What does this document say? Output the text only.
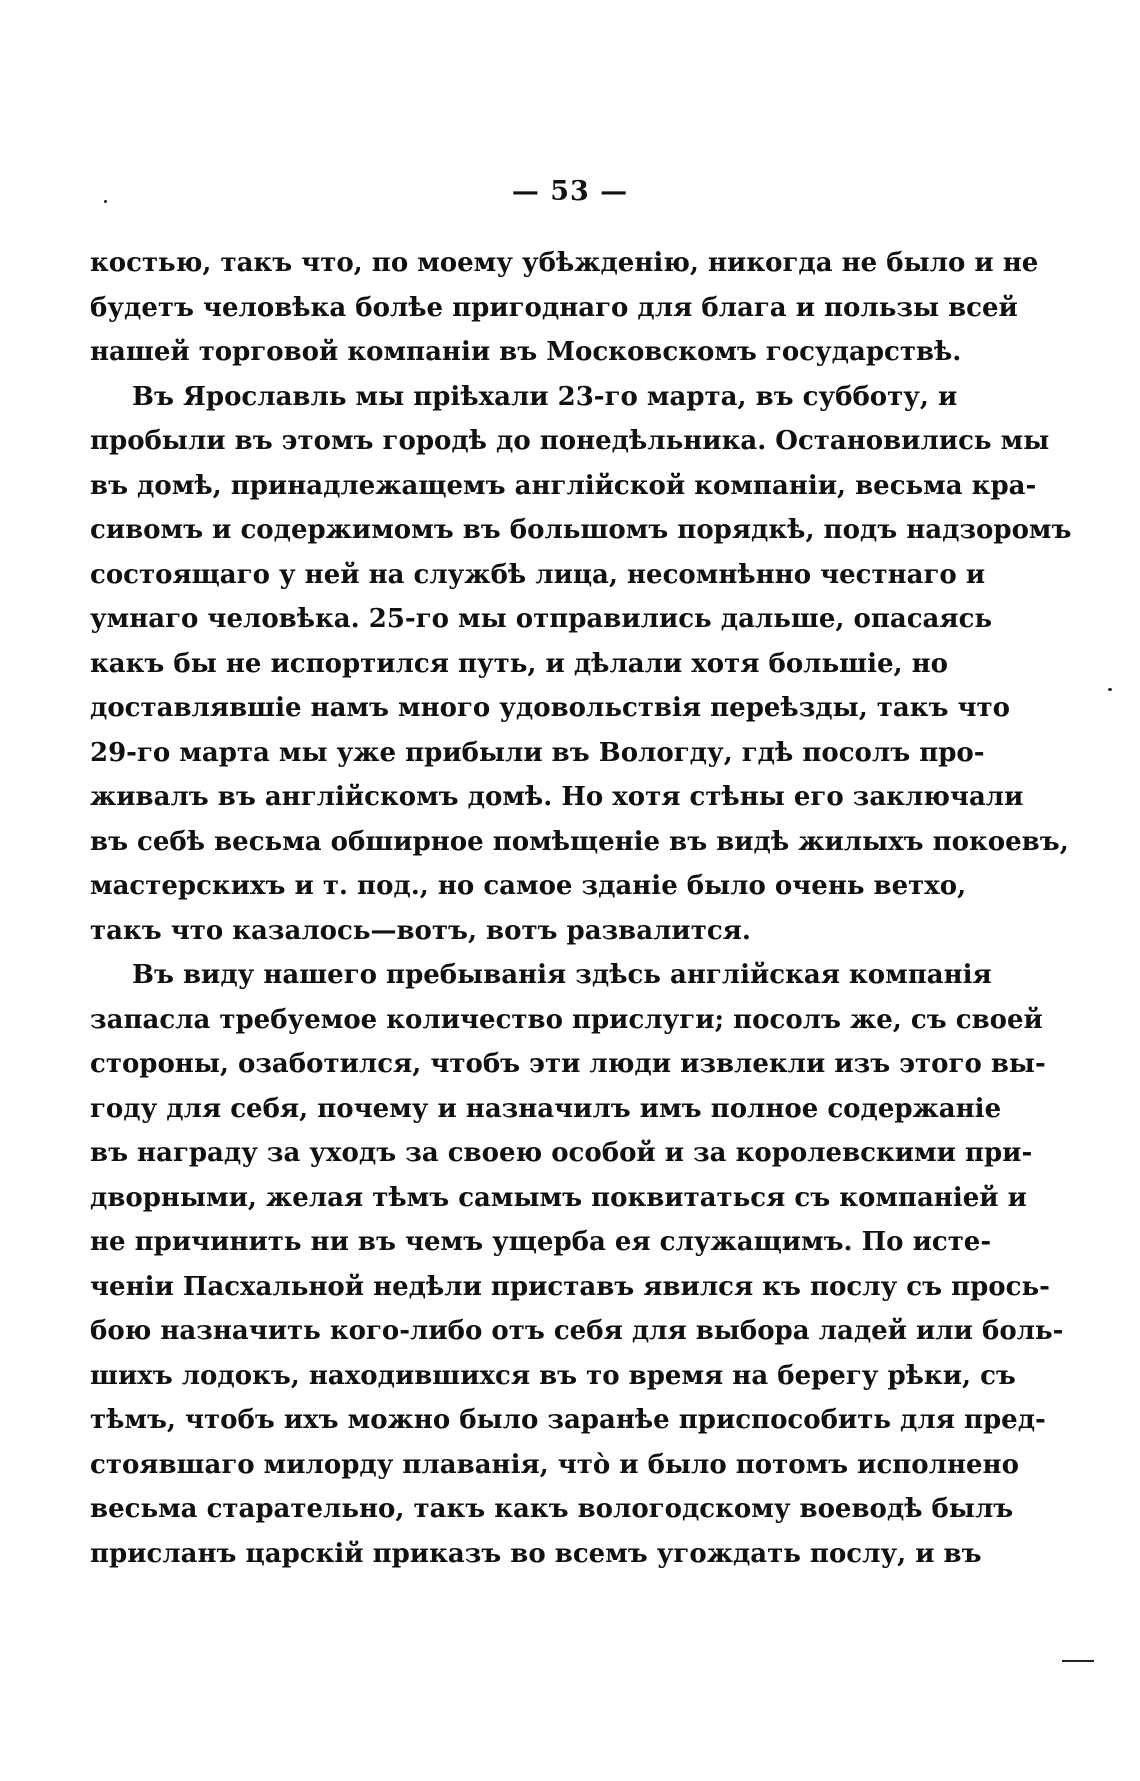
— 53 —
костью, такъ что, по моему убѣжденію, никогда не было и не
будетъ человѣка болѣе пригоднаго для блага и пользы всей
нашей торговой компаніи въ Московскомъ государствѣ.
Въ Ярославль мы пріѣхали 23-го марта, въ субботу, и
пробыли въ этомъ городѣ до понедѣльника. Остановились мы
въ домѣ, принадлежащемъ англійской компаніи, весьма кра-
сивомъ и содержимомъ въ большомъ порядкѣ, подъ надзоромъ
состоящаго у ней на службѣ лица, несомнѣнно честнаго и
умнаго человѣка. 25-го мы отправились дальше, опасаясь
какъ бы не испортился путь, и дѣлали хотя большіе, но
доставлявшіе намъ много удовольствія переѣзды, такъ что
29-го марта мы уже прибыли въ Вологду, гдѣ посолъ про-
живалъ въ англійскомъ домѣ. Но хотя стѣны его заключали
въ себѣ весьма обширное помѣщеніе въ видѣ жилыхъ покоевъ,
мастерскихъ и т. под., но самое зданіе было очень ветхо,
такъ что казалось—вотъ, вотъ развалится.
Въ виду нашего пребыванія здѣсь англійская компанія
запасла требуемое количество прислуги; посолъ же, съ своей
стороны, озаботился, чтобъ эти люди извлекли изъ этого вы-
году для себя, почему и назначилъ имъ полное содержаніе
въ награду за уходъ за своею особой и за королевскими при-
дворными, желая тѣмъ самымъ поквитаться съ компаніей и
не причинить ни въ чемъ ущерба ея служащимъ. По исте-
ченіи Пасхальной недѣли приставъ явился къ послу съ прось-
бою назначить кого-либо отъ себя для выбора ладей или боль-
шихъ лодокъ, находившихся въ то время на берегу рѣки, съ
тѣмъ, чтобъ ихъ можно было заранѣе приспособить для пред-
стоявшаго милорду плаванія, чтò и было потомъ исполнено
весьма старательно, такъ какъ вологодскому воеводѣ былъ
присланъ царскій приказъ во всемъ угождать послу, и въ
